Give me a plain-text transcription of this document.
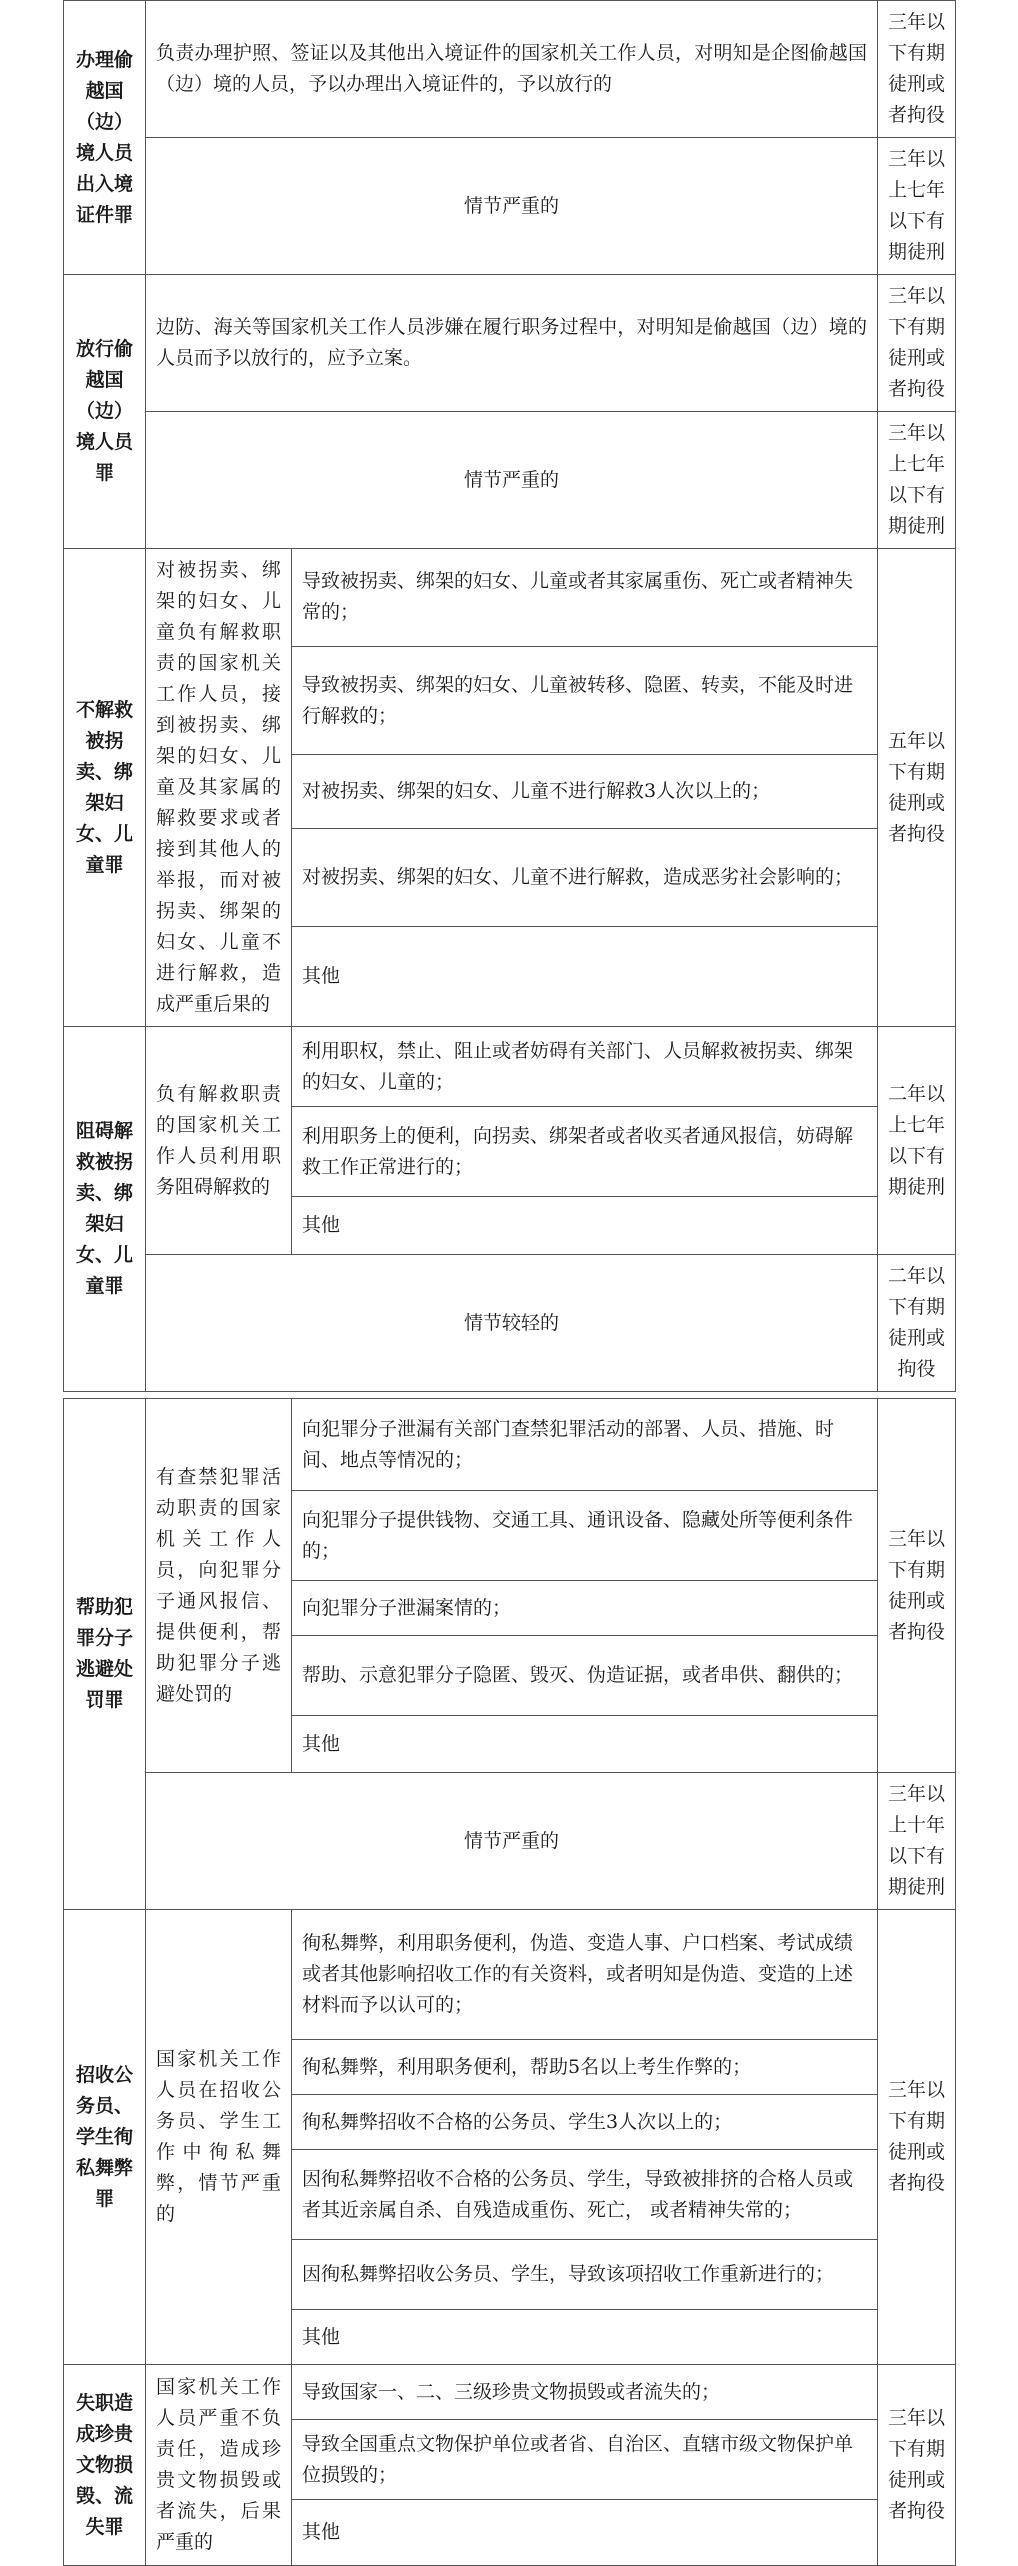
办理偷越国（边）境人员出入境证件罪	负责办理护照、签证以及其他出入境证件的国家机关工作人员，对明知是企图偷越国（边）境的人员，予以办理出入境证件的，予以放行的		三年以下有期徒刑或者拘役
	情节严重的		三年以上七年以下有期徒刑
放行偷越国（边）境人员罪	边防、海关等国家机关工作人员涉嫌在履行职务过程中，对明知是偷越国（边）境的人员而予以放行的，应予立案。		三年以下有期徒刑或者拘役
	情节严重的		三年以上七年以下有期徒刑
不解救被拐卖、绑架妇女、儿童罪	对被拐卖、绑架的妇女、儿童负有解救职责的国家机关工作人员，接到被拐卖、绑架的妇女、儿童及其家属的解救要求或者接到其他人的举报，而对被拐卖、绑架的妇女、儿童不进行解救，造成严重后果的	导致被拐卖、绑架的妇女、儿童或者其家属重伤、死亡或者精神失常的；	五年以下有期徒刑或者拘役
		导致被拐卖、绑架的妇女、儿童被转移、隐匿、转卖，不能及时进行解救的；	
		对被拐卖、绑架的妇女、儿童不进行解救3人次以上的；	
		对被拐卖、绑架的妇女、儿童不进行解救，造成恶劣社会影响的；	
		其他	
阻碍解救被拐卖、绑架妇女、儿童罪	负有解救职责的国家机关工作人员利用职务阻碍解救的	利用职权，禁止、阻止或者妨碍有关部门、人员解救被拐卖、绑架的妇女、儿童的；	二年以上七年以下有期徒刑
		利用职务上的便利，向拐卖、绑架者或者收买者通风报信，妨碍解救工作正常进行的；	
		其他	
	情节较轻的		二年以下有期徒刑或拘役

帮助犯罪分子逃避处罚罪	有查禁犯罪活动职责的国家机关工作人员，向犯罪分子通风报信、提供便利，帮助犯罪分子逃避处罚的	向犯罪分子泄漏有关部门查禁犯罪活动的部署、人员、措施、时间、地点等情况的；	三年以下有期徒刑或者拘役
		向犯罪分子提供钱物、交通工具、通讯设备、隐藏处所等便利条件的；	
		向犯罪分子泄漏案情的；	
		帮助、示意犯罪分子隐匿、毁灭、伪造证据，或者串供、翻供的；	
		其他	
	情节严重的		三年以上十年以下有期徒刑
招收公务员、学生徇私舞弊罪	国家机关工作人员在招收公务员、学生工作中徇私舞弊，情节严重的	徇私舞弊，利用职务便利，伪造、变造人事、户口档案、考试成绩或者其他影响招收工作的有关资料，或者明知是伪造、变造的上述材料而予以认可的；	三年以下有期徒刑或者拘役
		徇私舞弊，利用职务便利，帮助5名以上考生作弊的；	
		徇私舞弊招收不合格的公务员、学生3人次以上的；	
		因徇私舞弊招收不合格的公务员、学生，导致被排挤的合格人员或者其近亲属自杀、自残造成重伤、死亡， 或者精神失常的；	
		因徇私舞弊招收公务员、学生，导致该项招收工作重新进行的；	
		其他	
失职造成珍贵文物损毁、流失罪	国家机关工作人员严重不负责任，造成珍贵文物损毁或者流失，后果严重的	导致国家一、二、三级珍贵文物损毁或者流失的；	三年以下有期徒刑或者拘役
		导致全国重点文物保护单位或者省、自治区、直辖市级文物保护单位损毁的；	
		其他	
